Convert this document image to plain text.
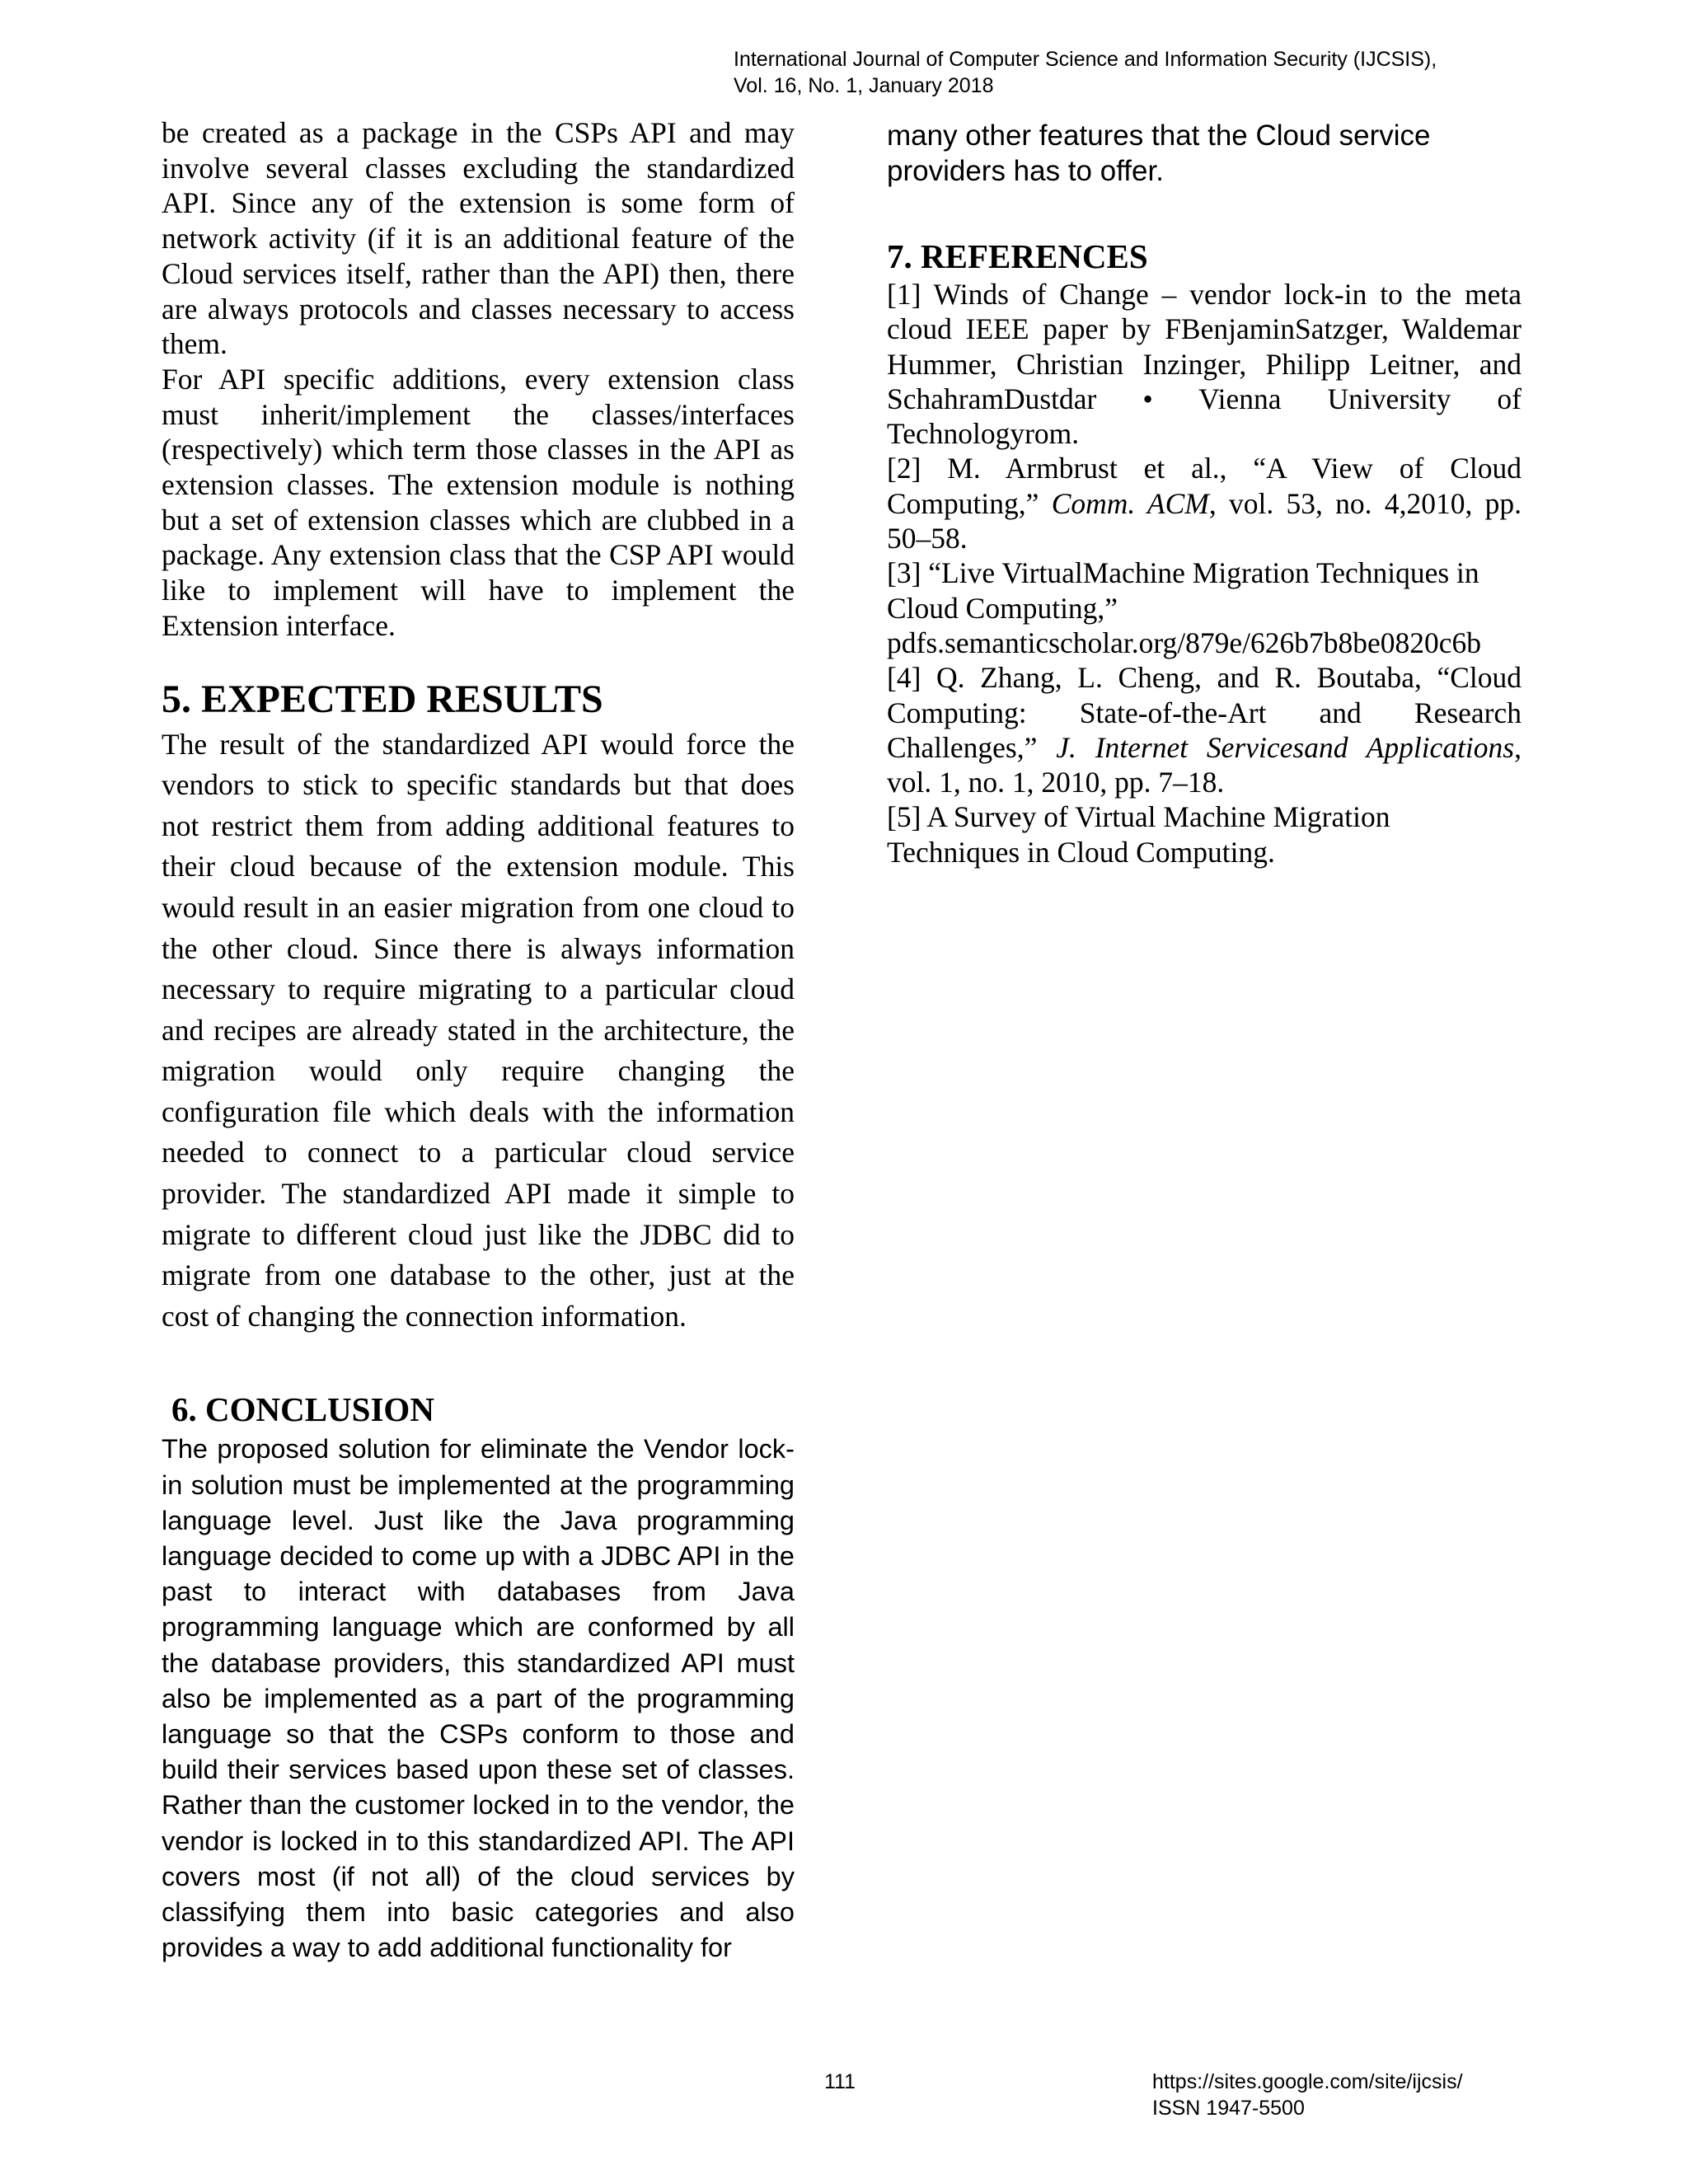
International Journal of Computer Science and Information Security (IJCSIS),
Vol. 16, No. 1, January 2018

be created as a package in the CSPs API and may involve several classes excluding the standardized API. Since any of the extension is some form of network activity (if it is an additional feature of the Cloud services itself, rather than the API) then, there are always protocols and classes necessary to access them.

For API specific additions, every extension class must inherit/implement the classes/interfaces (respectively) which term those classes in the API as extension classes. The extension module is nothing but a set of extension classes which are clubbed in a package. Any extension class that the CSP API would like to implement will have to implement the Extension interface.

5. EXPECTED RESULTS

The result of the standardized API would force the vendors to stick to specific standards but that does not restrict them from adding additional features to their cloud because of the extension module. This would result in an easier migration from one cloud to the other cloud. Since there is always information necessary to require migrating to a particular cloud and recipes are already stated in the architecture, the migration would only require changing the configuration file which deals with the information needed to connect to a particular cloud service provider. The standardized API made it simple to migrate to different cloud just like the JDBC did to migrate from one database to the other, just at the cost of changing the connection information.

6. CONCLUSION

The proposed solution for eliminate the Vendor lock-in solution must be implemented at the programming language level. Just like the Java programming language decided to come up with a JDBC API in the past to interact with databases from Java programming language which are conformed by all the database providers, this standardized API must also be implemented as a part of the programming language so that the CSPs conform to those and build their services based upon these set of classes. Rather than the customer locked in to the vendor, the vendor is locked in to this standardized API. The API covers most (if not all) of the cloud services by classifying them into basic categories and also provides a way to add additional functionality for

many other features that the Cloud service providers has to offer.

7. REFERENCES

[1] Winds of Change – vendor lock-in to the meta cloud IEEE paper by FBenjaminSatzger, Waldemar Hummer, Christian Inzinger, Philipp Leitner, and SchahramDustdar • Vienna University of Technologyrom.

[2] M. Armbrust et al., “A View of Cloud Computing,” Comm. ACM, vol. 53, no. 4,2010, pp. 50–58.

[3] “Live VirtualMachine Migration Techniques in Cloud Computing,”
pdfs.semanticscholar.org/879e/626b7b8be0820c6b

[4] Q. Zhang, L. Cheng, and R. Boutaba, “Cloud Computing: State-of-the-Art and Research Challenges,” J. Internet Servicesand Applications, vol. 1, no. 1, 2010, pp. 7–18.

[5] A Survey of Virtual Machine Migration Techniques in Cloud Computing.

111	https://sites.google.com/site/ijcsis/
ISSN 1947-5500
